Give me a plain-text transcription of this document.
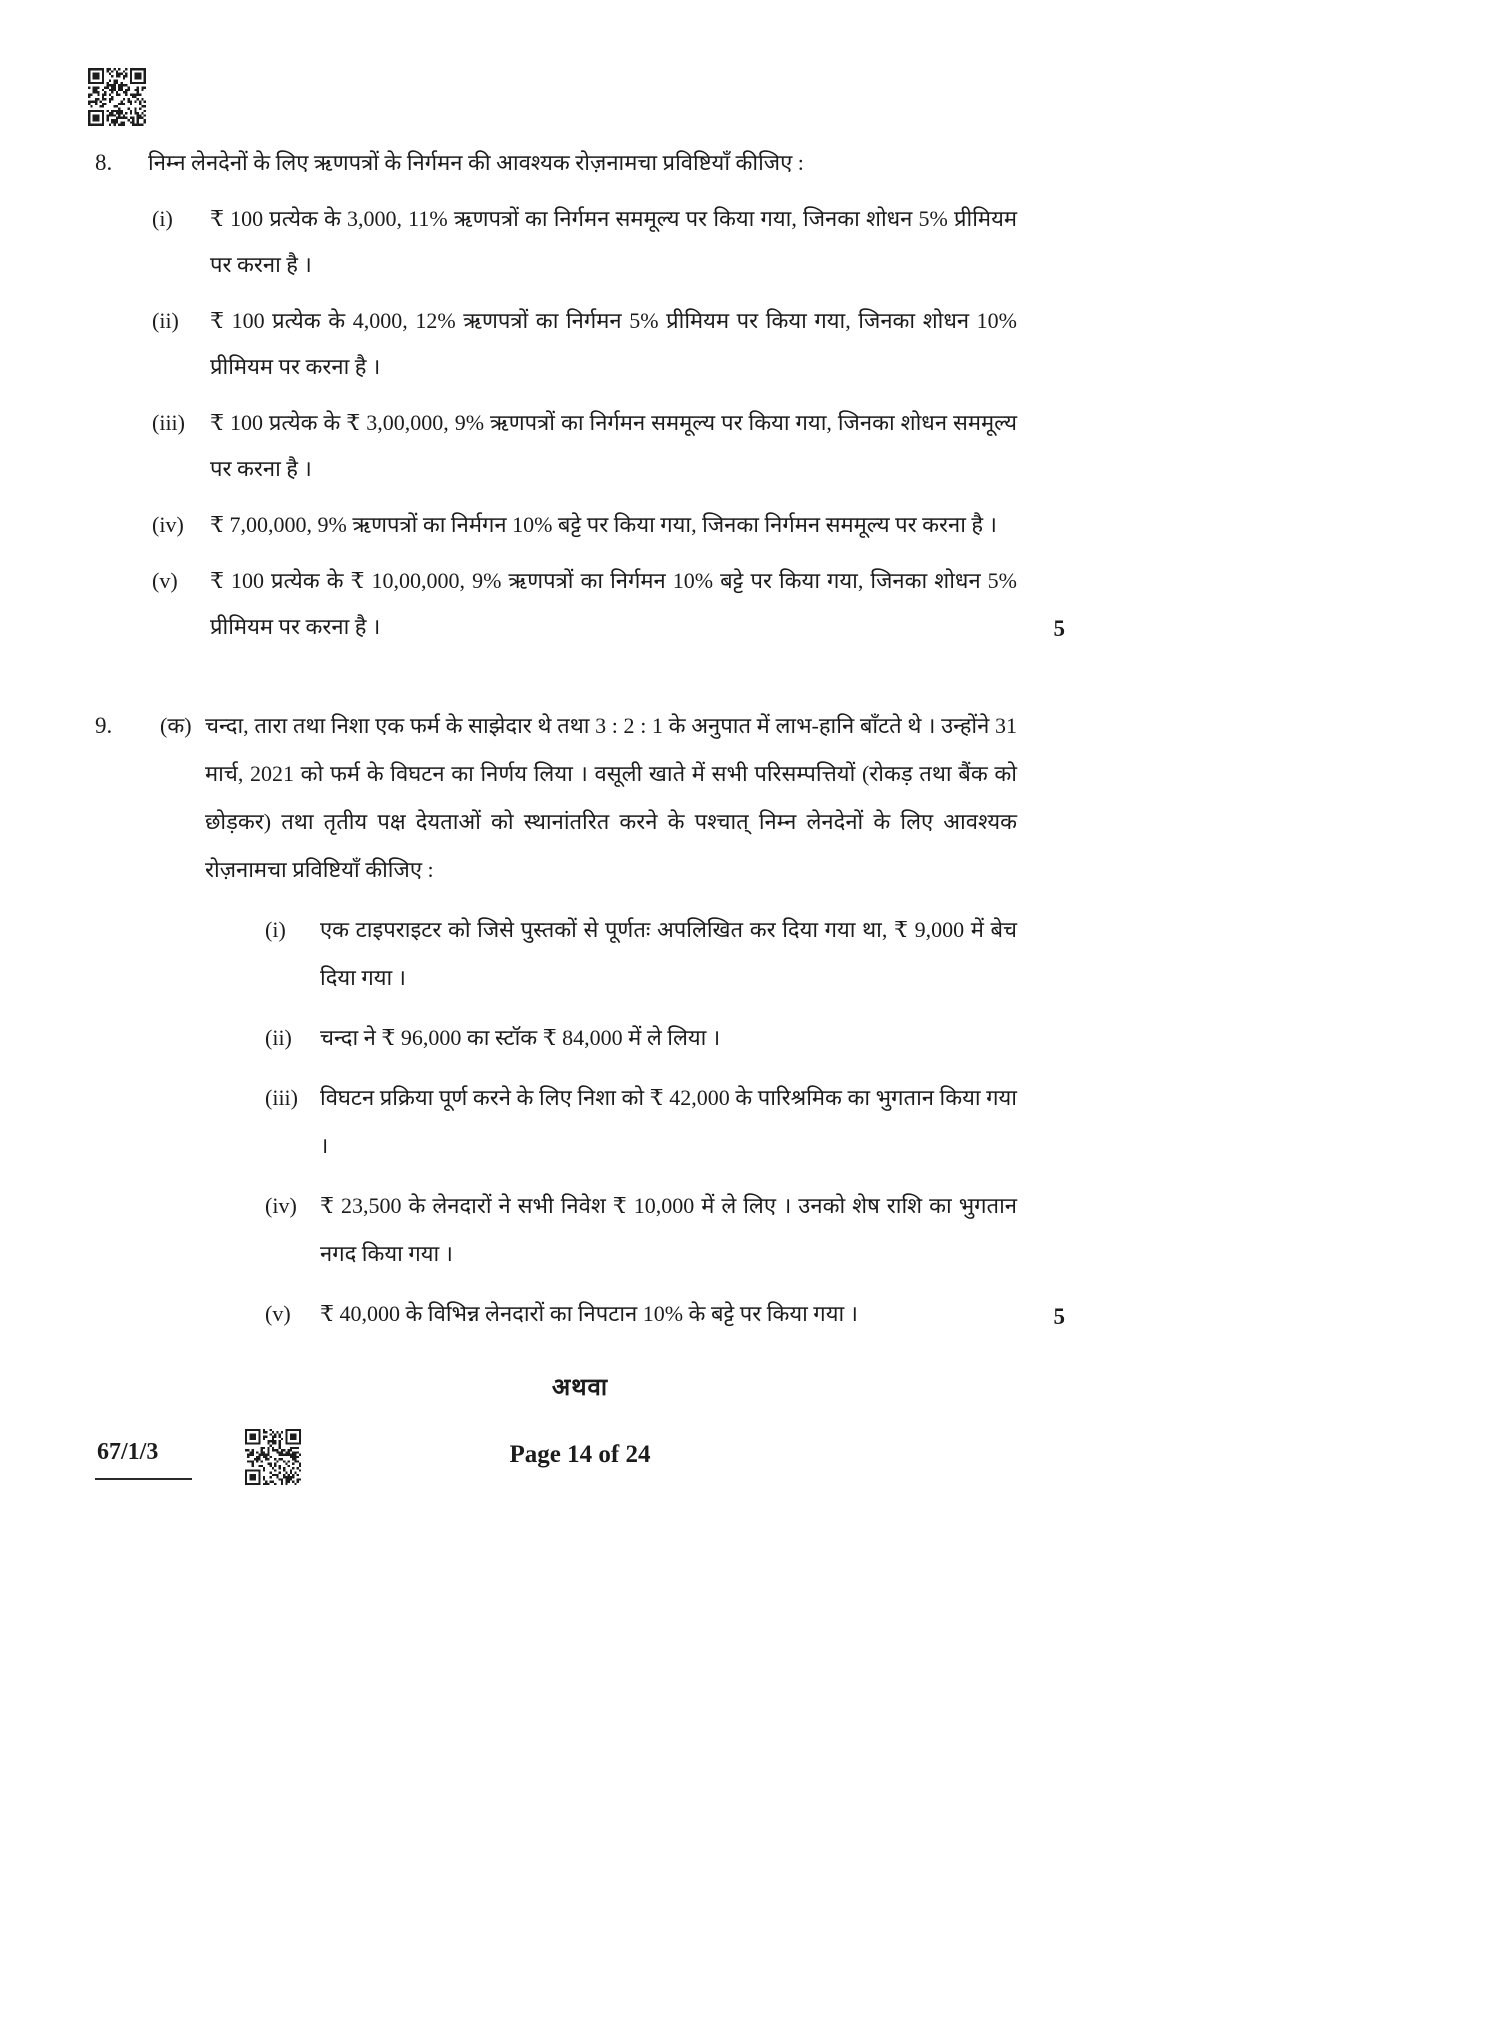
8.	निम्न लेनदेनों के लिए ऋणपत्रों के निर्गमन की आवश्यक रोज़नामचा प्रविष्टियाँ कीजिए :

(i)	₹ 100 प्रत्येक के 3,000, 11% ऋणपत्रों का निर्गमन सममूल्य पर किया गया, जिनका शोधन 5% प्रीमियम पर करना है ।

(ii)	₹ 100 प्रत्येक के 4,000, 12% ऋणपत्रों का निर्गमन 5% प्रीमियम पर किया गया, जिनका शोधन 10% प्रीमियम पर करना है ।

(iii)	₹ 100 प्रत्येक के ₹ 3,00,000, 9% ऋणपत्रों का निर्गमन सममूल्य पर किया गया, जिनका शोधन सममूल्य पर करना है ।

(iv)	₹ 7,00,000, 9% ऋणपत्रों का निर्मगन 10% बट्टे पर किया गया, जिनका निर्गमन सममूल्य पर करना है ।

(v)	₹ 100 प्रत्येक के ₹ 10,00,000, 9% ऋणपत्रों का निर्गमन 10% बट्टे पर किया गया, जिनका शोधन 5% प्रीमियम पर करना है ।	5
9.	(क) चन्दा, तारा तथा निशा एक फर्म के साझेदार थे तथा 3 : 2 : 1 के अनुपात में लाभ-हानि बाँटते थे । उन्होंने 31 मार्च, 2021 को फर्म के विघटन का निर्णय लिया । वसूली खाते में सभी परिसम्पत्तियों (रोकड़ तथा बैंक को छोड़कर) तथा तृतीय पक्ष देयताओं को स्थानांतरित करने के पश्चात् निम्न लेनदेनों के लिए आवश्यक रोज़नामचा प्रविष्टियाँ कीजिए :

(i)	एक टाइपराइटर को जिसे पुस्तकों से पूर्णतः अपलिखित कर दिया गया था, ₹ 9,000 में बेच दिया गया ।

(ii)	चन्दा ने ₹ 96,000 का स्टॉक ₹ 84,000 में ले लिया ।

(iii)	विघटन प्रक्रिया पूर्ण करने के लिए निशा को ₹ 42,000 के पारिश्रमिक का भुगतान किया गया ।

(iv)	₹ 23,500 के लेनदारों ने सभी निवेश ₹ 10,000 में ले लिए । उनको शेष राशि का भुगतान नगद किया गया ।

(v)	₹ 40,000 के विभिन्न लेनदारों का निपटान 10% के बट्टे पर किया गया ।	5
अथवा
67/1/3	Page 14 of 24
